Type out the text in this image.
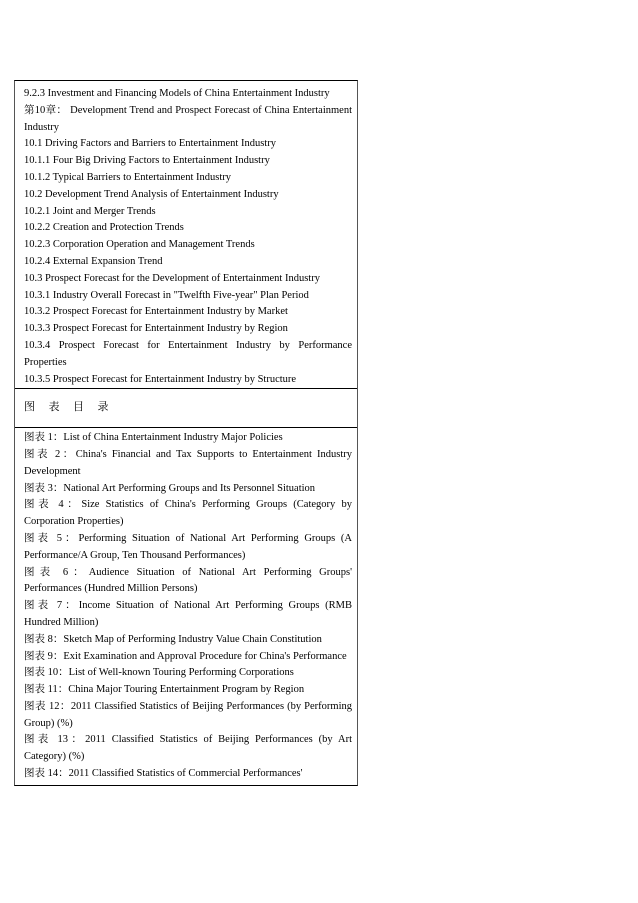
9.2.3 Investment and Financing Models of China Entertainment Industry
第10章： Development Trend and Prospect Forecast of China Entertainment Industry
10.1 Driving Factors and Barriers to Entertainment Industry
10.1.1 Four Big Driving Factors to Entertainment Industry
10.1.2 Typical Barriers to Entertainment Industry
10.2 Development Trend Analysis of Entertainment Industry
10.2.1 Joint and Merger Trends
10.2.2 Creation and Protection Trends
10.2.3 Corporation Operation and Management Trends
10.2.4 External Expansion Trend
10.3 Prospect Forecast for the Development of Entertainment Industry
10.3.1 Industry Overall Forecast in "Twelfth Five-year" Plan Period
10.3.2 Prospect Forecast for Entertainment Industry by Market
10.3.3 Prospect Forecast for Entertainment Industry by Region
10.3.4 Prospect Forecast for Entertainment Industry by Performance Properties
10.3.5 Prospect Forecast for Entertainment Industry by Structure
图 表 目 录
图表 1：List of China Entertainment Industry Major Policies
图表 2：China's Financial and Tax Supports to Entertainment Industry Development
图表 3：National Art Performing Groups and Its Personnel Situation
图表 4：Size Statistics of China's Performing Groups (Category by Corporation Properties)
图表 5：Performing Situation of National Art Performing Groups (A Performance/A Group, Ten Thousand Performances)
图表 6：Audience Situation of National Art Performing Groups' Performances (Hundred Million Persons)
图表 7：Income Situation of National Art Performing Groups (RMB Hundred Million)
图表 8：Sketch Map of Performing Industry Value Chain Constitution
图表 9：Exit Examination and Approval Procedure for China's Performance
图表 10：List of Well-known Touring Performing Corporations
图表 11：China Major Touring Entertainment Program by Region
图表 12：2011 Classified Statistics of Beijing Performances (by Performing Group) (%)
图表 13：2011 Classified Statistics of Beijing Performances (by Art Category) (%)
图表 14：2011 Classified Statistics of Commercial Performances'
